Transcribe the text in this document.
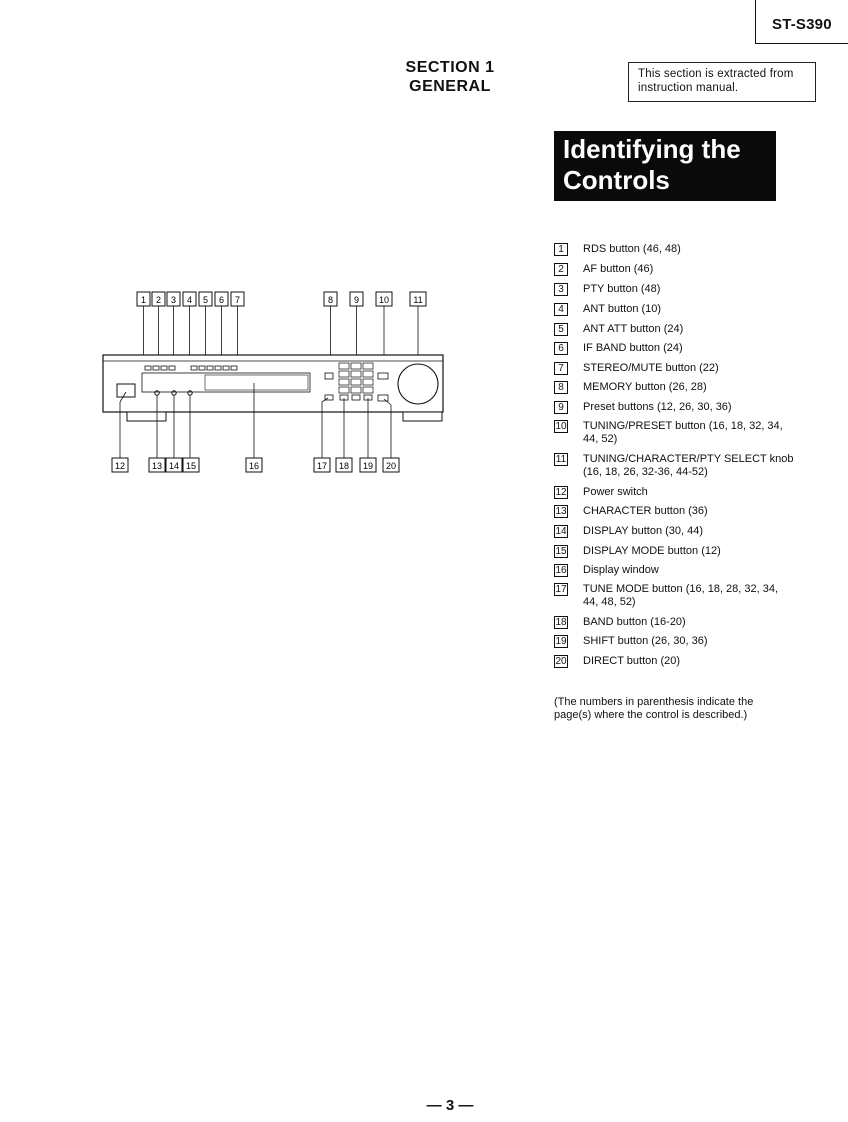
ST-S390
SECTION 1
GENERAL
This section is extracted from
instruction manual.
Identifying the
Controls
1 2 3 4 5 6 7	8 9 10	11
12	13 14 15	16	17 18 19 20
1	RDS button (46, 48)
2	AF button (46)
3	PTY button (48)
4	ANT button (10)
5	ANT ATT button (24)
6	IF BAND button (24)
7	STEREO/MUTE button (22)
8	MEMORY button (26, 28)
9	Preset buttons (12, 26, 30, 36)
10 TUNING/PRESET button (16, 18, 32, 34, 44, 52)
11 TUNING/CHARACTER/PTY SELECT knob (16, 18, 26, 32-36, 44-52)
12 Power switch
13 CHARACTER button (36)
14 DISPLAY button (30, 44)
15 DISPLAY MODE button (12)
16 Display window
17 TUNE MODE button (16, 18, 28, 32, 34, 44, 48, 52)
18 BAND button (16-20)
19 SHIFT button (26, 30, 36)
20 DIRECT button (20)
(The numbers in parenthesis indicate the page(s) where the control is described.)
— 3 —
